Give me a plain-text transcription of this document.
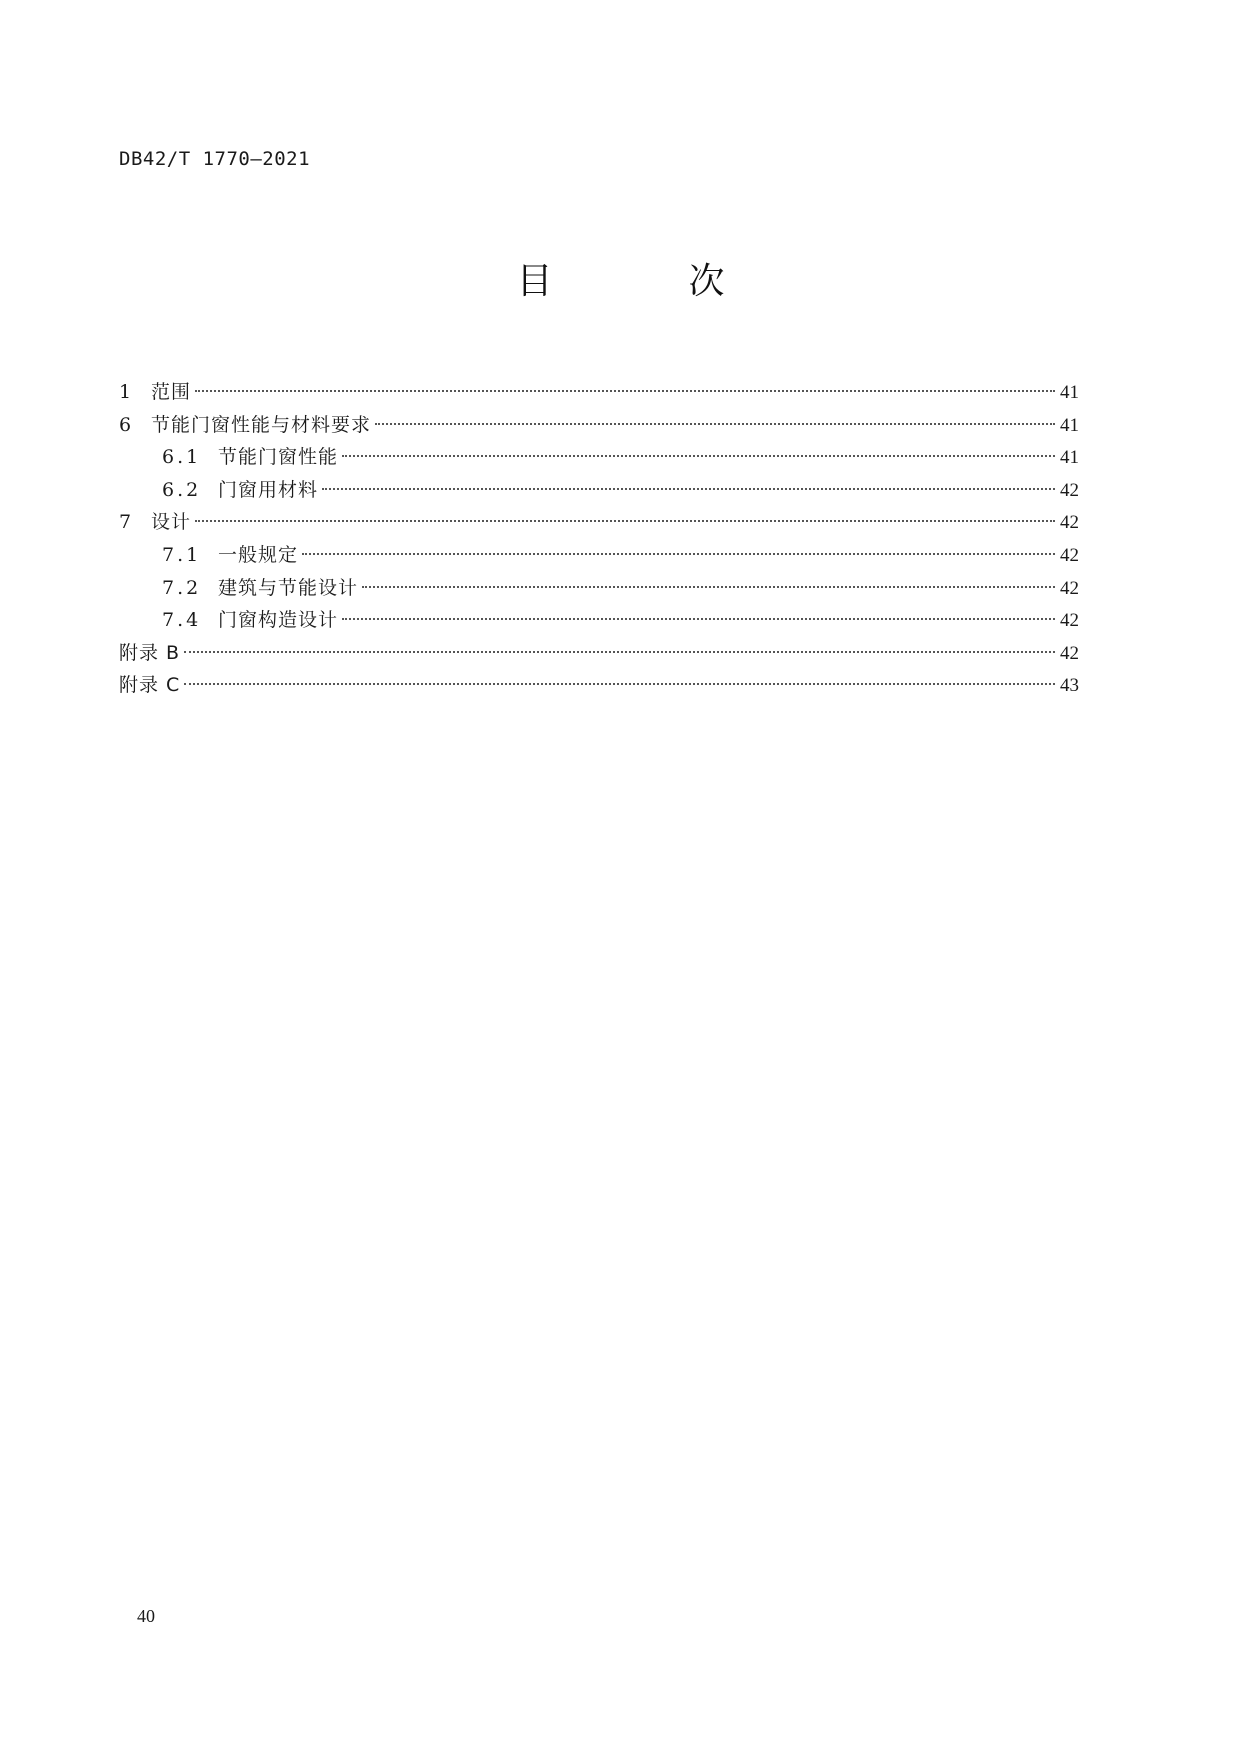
DB42/T 1770—2021
目　次
1	范围	41
6	节能门窗性能与材料要求	41
6.1 节能门窗性能	41
6.2 门窗用材料	42
7	设计	42
7.1 一般规定	42
7.2 建筑与节能设计	42
7.4 门窗构造设计	42
附录 B	42
附录 C	43
40
